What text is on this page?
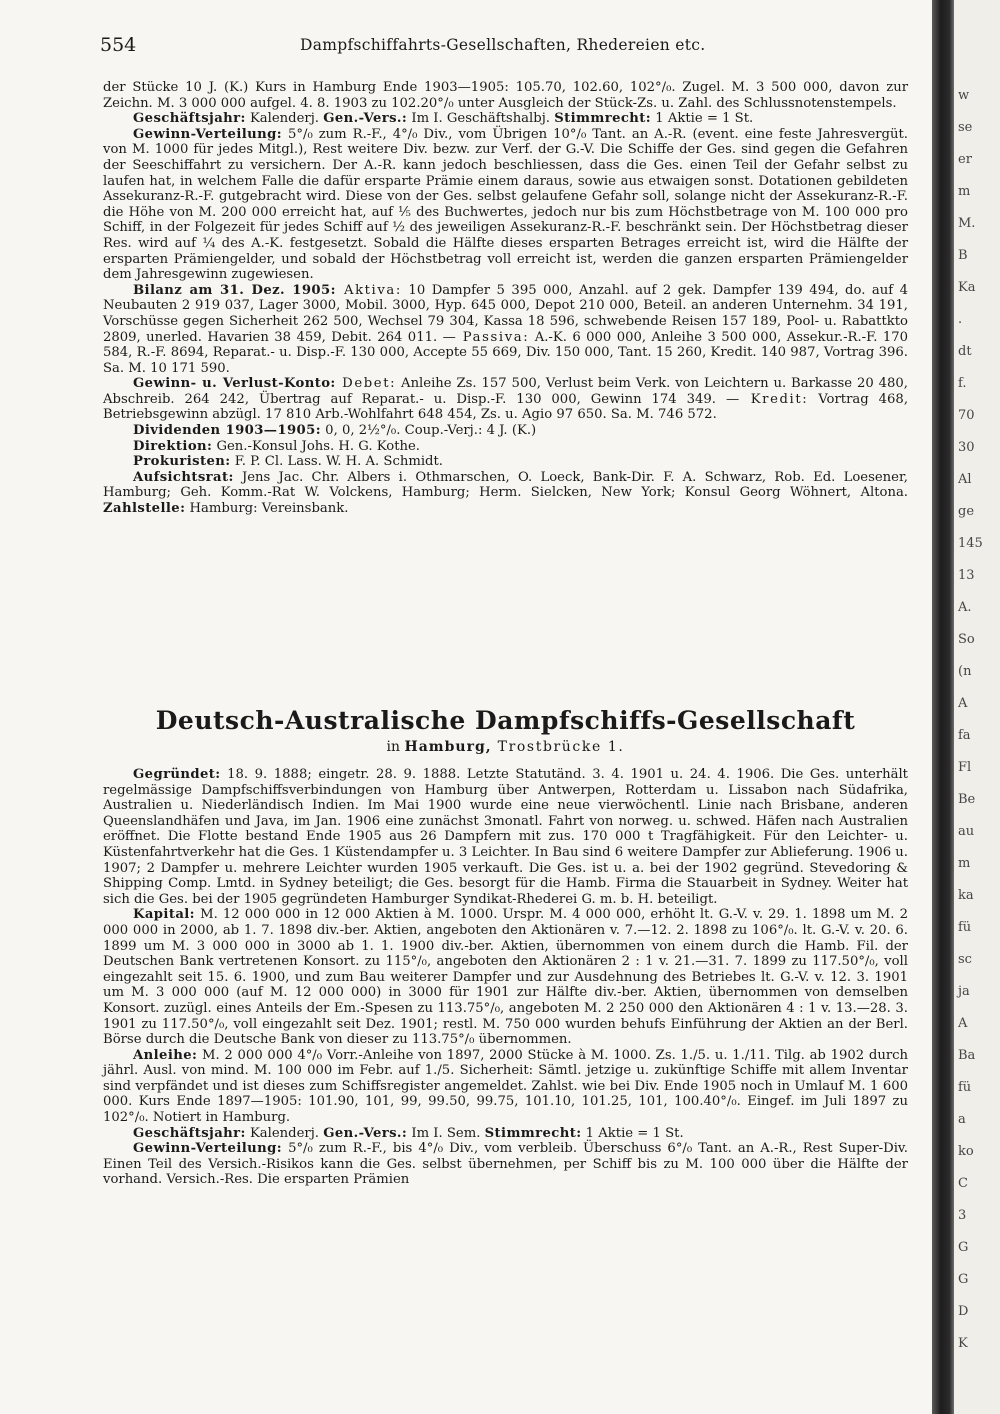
554	Dampfschiffahrts-Gesellschaften, Rhedereien etc.

der Stücke 10 J. (K.) Kurs in Hamburg Ende 1903—1905: 105.70, 102.60, 102°/₀. Zugel. M. 3 500 000, davon zur Zeichn. M. 3 000 000 aufgel. 4. 8. 1903 zu 102.20°/₀ unter Ausgleich der Stück-Zs. u. Zahl. des Schlussnotenstempels.

Geschäftsjahr: Kalenderj. Gen.-Vers.: Im I. Geschäftshalbj. Stimmrecht: 1 Aktie = 1 St.

Gewinn-Verteilung: 5°/₀ zum R.-F., 4°/₀ Div., vom Übrigen 10°/₀ Tant. an A.-R. (event. eine feste Jahresvergüt. von M. 1000 für jedes Mitgl.), Rest weitere Div. bezw. zur Verf. der G.-V. Die Schiffe der Ges. sind gegen die Gefahren der Seeschiffahrt zu versichern. Der A.-R. kann jedoch beschliessen, dass die Ges. einen Teil der Gefahr selbst zu laufen hat, in welchem Falle die dafür ersparte Prämie einem daraus, sowie aus etwaigen sonst. Dotationen gebildeten Assekuranz-R.-F. gutgebracht wird. Diese von der Ges. selbst gelaufene Gefahr soll, solange nicht der Assekuranz-R.-F. die Höhe von M. 200 000 erreicht hat, auf ⅕ des Buchwertes, jedoch nur bis zum Höchstbetrage von M. 100 000 pro Schiff, in der Folgezeit für jedes Schiff auf ½ des jeweiligen Assekuranz-R.-F. beschränkt sein. Der Höchstbetrag dieser Res. wird auf ¼ des A.-K. festgesetzt. Sobald die Hälfte dieses ersparten Betrages erreicht ist, wird die Hälfte der ersparten Prämiengelder, und sobald der Höchstbetrag voll erreicht ist, werden die ganzen ersparten Prämiengelder dem Jahresgewinn zugewiesen.

Bilanz am 31. Dez. 1905: Aktiva: 10 Dampfer 5 395 000, Anzahl. auf 2 gek. Dampfer 139 494, do. auf 4 Neubauten 2 919 037, Lager 3000, Mobil. 3000, Hyp. 645 000, Depot 210 000, Beteil. an anderen Unternehm. 34 191, Vorschüsse gegen Sicherheit 262 500, Wechsel 79 304, Kassa 18 596, schwebende Reisen 157 189, Pool- u. Rabattkto 2809, unerled. Havarien 38 459, Debit. 264 011. — Passiva: A.-K. 6 000 000, Anleihe 3 500 000, Assekur.-R.-F. 170 584, R.-F. 8694, Reparat.- u. Disp.-F. 130 000, Accepte 55 669, Div. 150 000, Tant. 15 260, Kredit. 140 987, Vortrag 396. Sa. M. 10 171 590.

Gewinn- u. Verlust-Konto: Debet: Anleihe Zs. 157 500, Verlust beim Verk. von Leichtern u. Barkasse 20 480, Abschreib. 264 242, Übertrag auf Reparat.- u. Disp.-F. 130 000, Gewinn 174 349. — Kredit: Vortrag 468, Betriebsgewinn abzügl. 17 810 Arb.-Wohlfahrt 648 454, Zs. u. Agio 97 650. Sa. M. 746 572.

Dividenden 1903—1905: 0, 0, 2½°/₀. Coup.-Verj.: 4 J. (K.)

Direktion: Gen.-Konsul Johs. H. G. Kothe.

Prokuristen: F. P. Cl. Lass. W. H. A. Schmidt.

Aufsichtsrat: Jens Jac. Chr. Albers i. Othmarschen, O. Loeck, Bank-Dir. F. A. Schwarz, Rob. Ed. Loesener, Hamburg; Geh. Komm.-Rat W. Volckens, Hamburg; Herm. Sielcken, New York; Konsul Georg Wöhnert, Altona. Zahlstelle: Hamburg: Vereinsbank.

Deutsch-Australische Dampfschiffs-Gesellschaft
in Hamburg, Trostbrücke 1.

Gegründet: 18. 9. 1888; eingetr. 28. 9. 1888. Letzte Statutänd. 3. 4. 1901 u. 24. 4. 1906. Die Ges. unterhält regelmässige Dampfschiffsverbindungen von Hamburg über Antwerpen, Rotterdam u. Lissabon nach Südafrika, Australien u. Niederländisch Indien. Im Mai 1900 wurde eine neue vierwöchentl. Linie nach Brisbane, anderen Queenslandhäfen und Java, im Jan. 1906 eine zunächst 3monatl. Fahrt von norweg. u. schwed. Häfen nach Australien eröffnet. Die Flotte bestand Ende 1905 aus 26 Dampfern mit zus. 170 000 t Tragfähigkeit. Für den Leichter- u. Küstenfahrtverkehr hat die Ges. 1 Küstendampfer u. 3 Leichter. In Bau sind 6 weitere Dampfer zur Ablieferung. 1906 u. 1907; 2 Dampfer u. mehrere Leichter wurden 1905 verkauft. Die Ges. ist u. a. bei der 1902 gegründ. Stevedoring & Shipping Comp. Lmtd. in Sydney beteiligt; die Ges. besorgt für die Hamb. Firma die Stauarbeit in Sydney. Weiter hat sich die Ges. bei der 1905 gegründeten Hamburger Syndikat-Rhederei G. m. b. H. beteiligt.

Kapital: M. 12 000 000 in 12 000 Aktien à M. 1000. Urspr. M. 4 000 000, erhöht lt. G.-V. v. 29. 1. 1898 um M. 2 000 000 in 2000, ab 1. 7. 1898 div.-ber. Aktien, angeboten den Aktionären v. 7.—12. 2. 1898 zu 106°/₀. lt. G.-V. v. 20. 6. 1899 um M. 3 000 000 in 3000 ab 1. 1. 1900 div.-ber. Aktien, übernommen von einem durch die Hamb. Fil. der Deutschen Bank vertretenen Konsort. zu 115°/₀, angeboten den Aktionären 2 : 1 v. 21.—31. 7. 1899 zu 117.50°/₀, voll eingezahlt seit 15. 6. 1900, und zum Bau weiterer Dampfer und zur Ausdehnung des Betriebes lt. G.-V. v. 12. 3. 1901 um M. 3 000 000 (auf M. 12 000 000) in 3000 für 1901 zur Hälfte div.-ber. Aktien, übernommen von demselben Konsort. zuzügl. eines Anteils der Em.-Spesen zu 113.75°/₀, angeboten M. 2 250 000 den Aktionären 4 : 1 v. 13.—28. 3. 1901 zu 117.50°/₀, voll eingezahlt seit Dez. 1901; restl. M. 750 000 wurden behufs Einführung der Aktien an der Berl. Börse durch die Deutsche Bank von dieser zu 113.75°/₀ übernommen.

Anleihe: M. 2 000 000 4°/₀ Vorr.-Anleihe von 1897, 2000 Stücke à M. 1000. Zs. 1./5. u. 1./11. Tilg. ab 1902 durch jährl. Ausl. von mind. M. 100 000 im Febr. auf 1./5. Sicherheit: Sämtl. jetzige u. zukünftige Schiffe mit allem Inventar sind verpfändet und ist dieses zum Schiffsregister angemeldet. Zahlst. wie bei Div. Ende 1905 noch in Umlauf M. 1 600 000. Kurs Ende 1897—1905: 101.90, 101, 99, 99.50, 99.75, 101.10, 101.25, 101, 100.40°/₀. Eingef. im Juli 1897 zu 102°/₀. Notiert in Hamburg.

Geschäftsjahr: Kalenderj. Gen.-Vers.: Im I. Sem. Stimmrecht: 1 Aktie = 1 St.

Gewinn-Verteilung: 5°/₀ zum R.-F., bis 4°/₀ Div., vom verbleib. Überschuss 6°/₀ Tant. an A.-R., Rest Super-Div. Einen Teil des Versich.-Risikos kann die Ges. selbst übernehmen, per Schiff bis zu M. 100 000 über die Hälfte der vorhand. Versich.-Res. Die ersparten Prämien

w
se
er
m
M.
B
Ka
.
dt
f.
70
30
Al
ge
145
13
A.
So
(n
A
fa
Fl
Be
au
m
ka
fü
sc
ja
A
Ba
fü
a
ko
C
3
G
G
D
K
